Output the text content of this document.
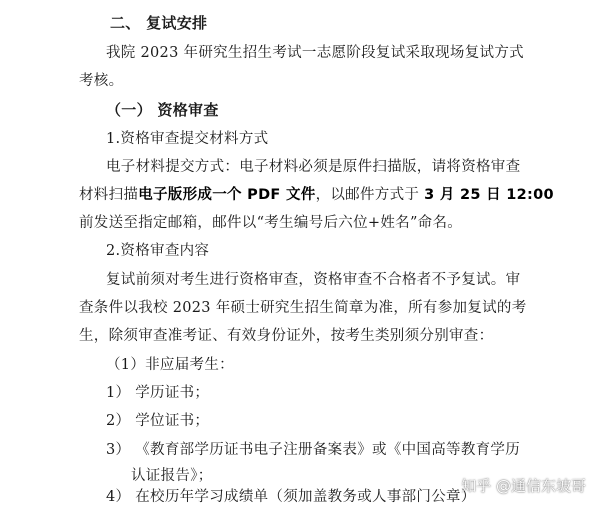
二、 复试安排
我院 2023 年研究生招生考试一志愿阶段复试采取现场复试方式
考核。
（一） 资格审查
1.资格审查提交材料方式
电子材料提交方式：电子材料必须是原件扫描版，请将资格审查
材料扫描电子版形成一个 PDF 文件，以邮件方式于 3 月 25 日 12:00
前发送至指定邮箱，邮件以“考生编号后六位+姓名”命名。
2.资格审查内容
复试前须对考生进行资格审查，资格审查不合格者不予复试。审
查条件以我校 2023 年硕士研究生招生简章为准，所有参加复试的考
生，除须审查准考证、有效身份证外，按考生类别须分别审查：
（1）非应届考生：
1） 学历证书；
2） 学位证书；
3） 《教育部学历证书电子注册备案表》或《中国高等教育学历
认证报告》；
4） 在校历年学习成绩单（须加盖教务或人事部门公章）
知乎 @通信东坡哥
